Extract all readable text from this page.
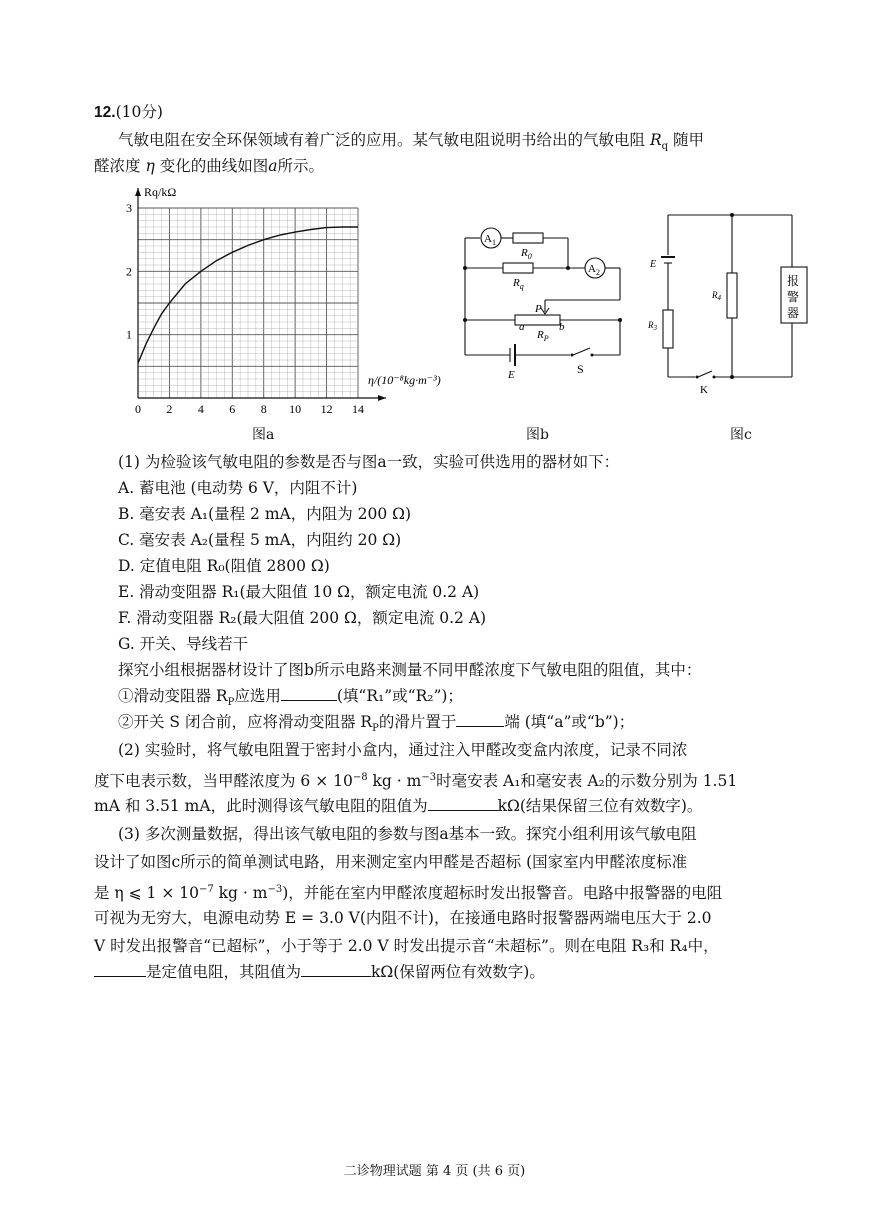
12.(10分)
气敏电阻在安全环保领域有着广泛的应用。某气敏电阻说明书给出的气敏电阻 $R_q$ 随甲
醛浓度 η 变化的曲线如图a所示。
0 2 4 6 8 10 12 14
1
2
3
Rq/kΩ
η/(10⁻⁸kg·m⁻³)
图a
$A_1$
$R_0$
$R_q$
$A_2$
P
a	b
$R_P$
E	S
图b
E
$R_4$
$R_3$
K
报
警
器
图c
(1) 为检验该气敏电阻的参数是否与图a一致，实验可供选用的器材如下：
A. 蓄电池 (电动势 6 V，内阻不计)
B. 毫安表 A₁(量程 2 mA，内阻为 200 Ω)
C. 毫安表 A₂(量程 5 mA，内阻约 20 Ω)
D. 定值电阻 R₀(阻值 2800 Ω)
E. 滑动变阻器 R₁(最大阻值 10 Ω，额定电流 0.2 A)
F. 滑动变阻器 R₂(最大阻值 200 Ω，额定电流 0.2 A)
G. 开关、导线若干
探究小组根据器材设计了图b所示电路来测量不同甲醛浓度下气敏电阻的阻值，其中：
①滑动变阻器 $R_P$应选用	(填“R₁”或“R₂”)；
②开关 S 闭合前，应将滑动变阻器 $R_P$的滑片置于	端 (填“a”或“b”)；
(2) 实验时，将气敏电阻置于密封小盒内，通过注入甲醛改变盒内浓度，记录不同浓
度下电表示数，当甲醛浓度为 $6 \times 10^{-8}$ kg · $m^{-3}$时毫安表 A₁和毫安表 A₂的示数分别为 1.51
mA 和 3.51 mA，此时测得该气敏电阻的阻值为	kΩ(结果保留三位有效数字)。
(3) 多次测量数据，得出该气敏电阻的参数与图a基本一致。探究小组利用该气敏电阻
设计了如图c所示的简单测试电路，用来测定室内甲醛是否超标 (国家室内甲醛浓度标准
是 η ⩽ $1 \times 10^{-7}$ kg · $m^{-3}$)，并能在室内甲醛浓度超标时发出报警音。电路中报警器的电阻
可视为无穷大，电源电动势 E = 3.0 V(内阻不计)，在接通电路时报警器两端电压大于 2.0
V 时发出报警音“已超标”，小于等于 2.0 V 时发出提示音“未超标”。则在电阻 R₃和 R₄中，
是定值电阻，其阻值为	kΩ(保留两位有效数字)。
二诊物理试题 第 4 页 (共 6 页)
